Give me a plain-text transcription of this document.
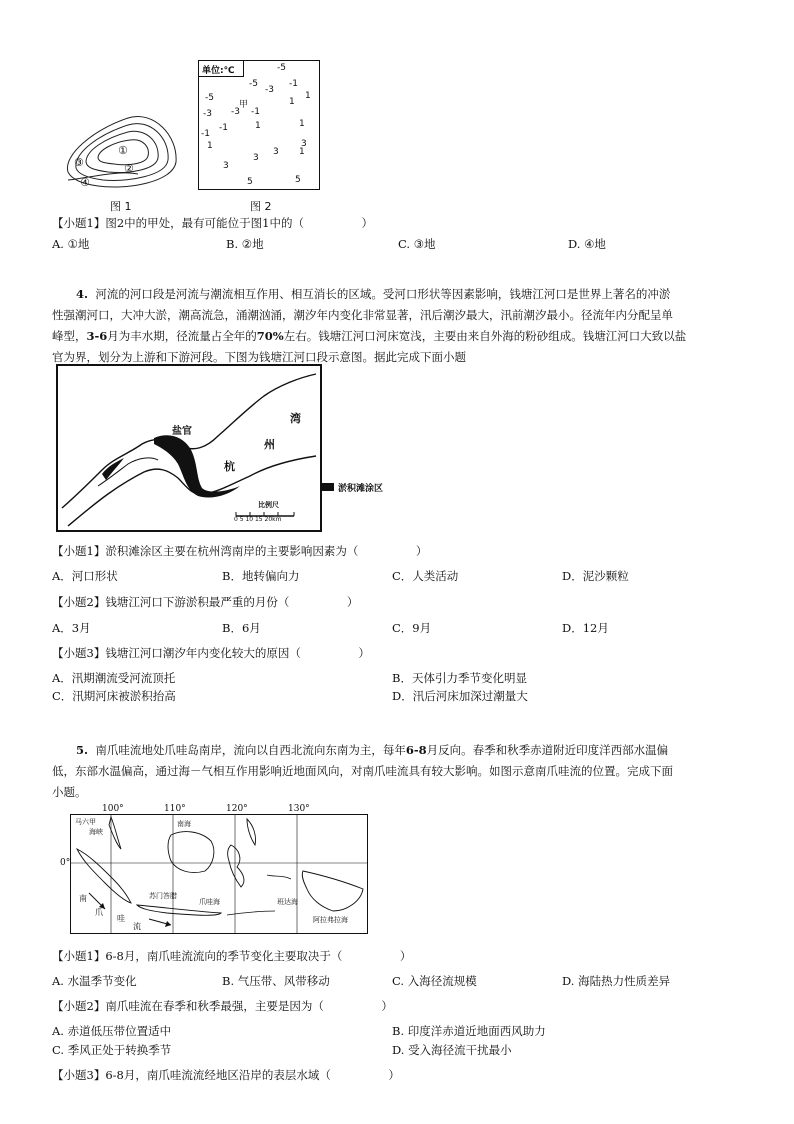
①
②
③
④
图 1
单位:℃	-5
-5
-3
-1
1
-5
甲	1
-3 -3 -1
-1	1	1
3
-1
3
3
3
5	5
1
1
图 2
【小题1】图2中的甲处，最有可能位于图1中的（　　　　　）
A. ①地	B. ②地	C. ③地	D. ④地
4. 河流的河口段是河流与潮流相互作用、相互消长的区域。受河口形状等因素影响，钱塘江河口是世界上著名的冲淤
性强潮河口，大冲大淤，潮高流急，涌潮汹涌，潮汐年内变化非常显著，汛后潮汐最大，汛前潮汐最小。径流年内分配呈单
峰型，3-6月为丰水期，径流量占全年的70%左右。钱塘江河口河床宽浅，主要由来自外海的粉砂组成。钱塘江河口大致以盐
官为界，划分为上游和下游河段。下图为钱塘江河口段示意图。据此完成下面小题
湾
州
杭
盐官
比例尺
0 5 10 15 20km
淤积滩涂区
【小题1】淤积滩涂区主要在杭州湾南岸的主要影响因素为（　　　　　）
A．河口形状	B．地转偏向力	C．人类活动	D．泥沙颗粒
【小题2】钱塘江河口下游淤积最严重的月份（　　　　　）
A．3月	B．6月	C．9月	D．12月
【小题3】钱塘江河口潮汐年内变化较大的原因（　　　　　）
A．汛期潮流受河流顶托	B．天体引力季节变化明显
C．汛期河床被淤积抬高	D．汛后河床加深过潮量大
5. 南爪哇流地处爪哇岛南岸，流向以自西北流向东南为主，每年6-8月反向。春季和秋季赤道附近印度洋西部水温偏
低，东部水温偏高，通过海－气相互作用影响近地面风向，对南爪哇流具有较大影响。如图示意南爪哇流的位置。完成下面
小题。
100°	110°	120°	130°
0°
马六甲
海峡
南海
爪哇海
苏门答腊
班达海
阿拉弗拉海
南
爪
哇
流
【小题1】6-8月，南爪哇流流向的季节变化主要取决于（　　　　　）
A. 水温季节变化	B. 气压带、风带移动	C. 入海径流规模	D. 海陆热力性质差异
【小题2】南爪哇流在春季和秋季最强，主要是因为（　　　　　）
A. 赤道低压带位置适中	B. 印度洋赤道近地面西风助力
C. 季风正处于转换季节	D. 受入海径流干扰最小
【小题3】6-8月，南爪哇流流经地区沿岸的表层水域（　　　　　）
